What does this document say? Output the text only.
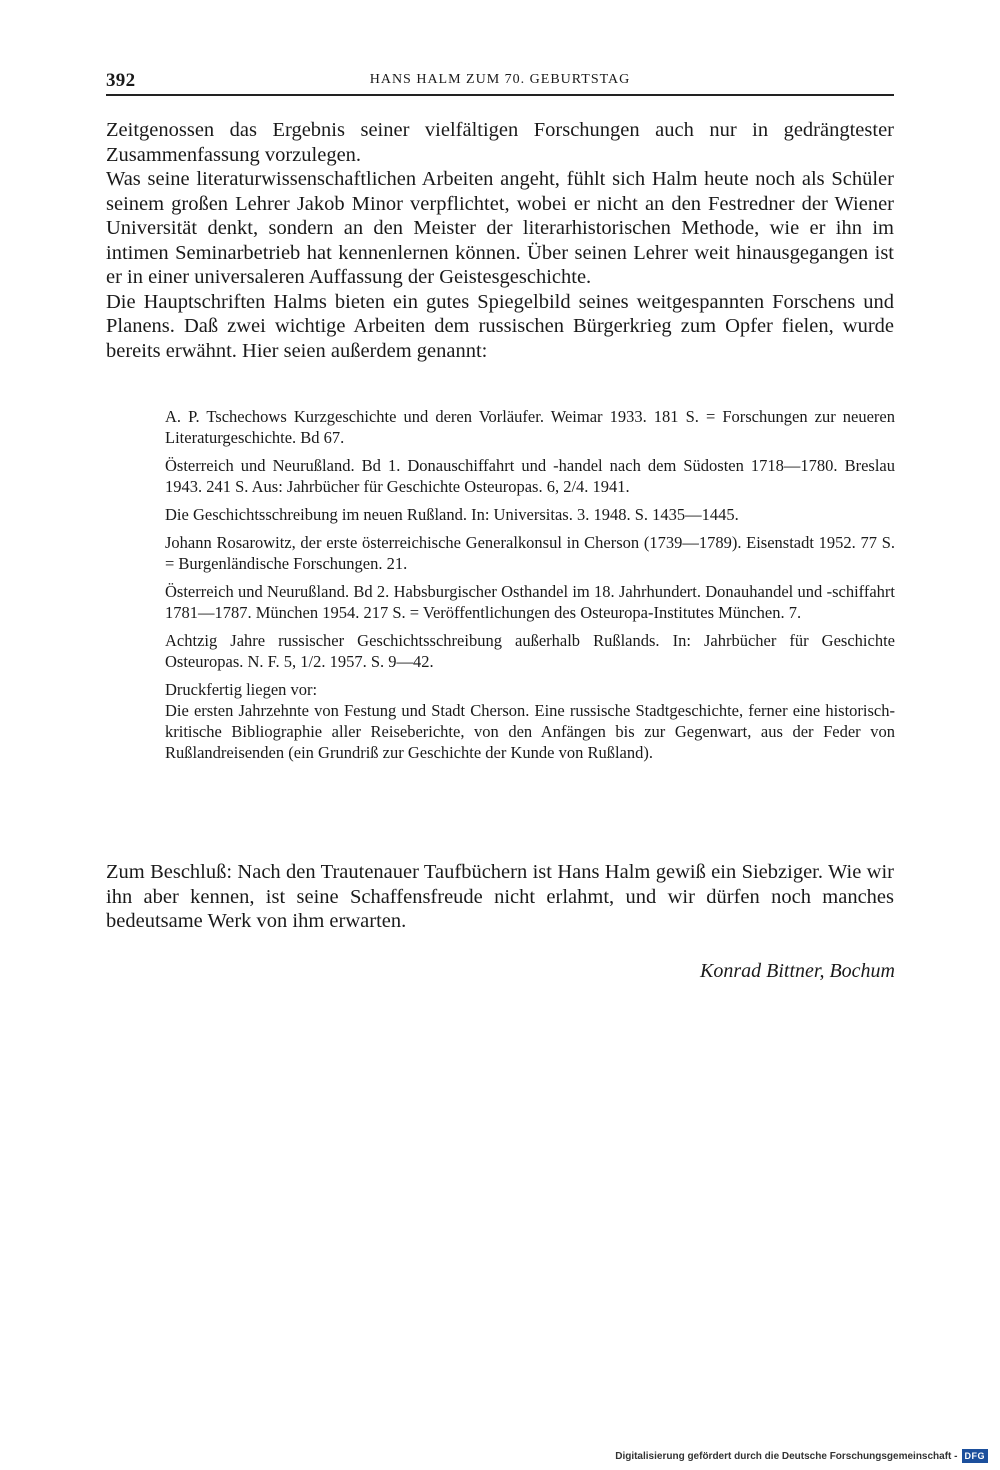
392	HANS HALM ZUM 70. GEBURTSTAG

Zeitgenossen das Ergebnis seiner vielfältigen Forschungen auch nur in gedrängtester Zusammenfassung vorzulegen.

Was seine literaturwissenschaftlichen Arbeiten angeht, fühlt sich Halm heute noch als Schüler seinem großen Lehrer Jakob Minor verpflichtet, wobei er nicht an den Festredner der Wiener Universität denkt, sondern an den Meister der literarhistorischen Methode, wie er ihn im intimen Seminarbetrieb hat kennenlernen können. Über seinen Lehrer weit hinausgegangen ist er in einer universaleren Auffassung der Geistesgeschichte.

Die Hauptschriften Halms bieten ein gutes Spiegelbild seines weitgespannten Forschens und Planens. Daß zwei wichtige Arbeiten dem russischen Bürgerkrieg zum Opfer fielen, wurde bereits erwähnt. Hier seien außerdem genannt:

A. P. Tschechows Kurzgeschichte und deren Vorläufer. Weimar 1933. 181 S. = Forschungen zur neueren Literaturgeschichte. Bd 67.

Österreich und Neurußland. Bd 1. Donauschiffahrt und -handel nach dem Südosten 1718—1780. Breslau 1943. 241 S. Aus: Jahrbücher für Geschichte Osteuropas. 6, 2/4. 1941.

Die Geschichtsschreibung im neuen Rußland. In: Universitas. 3. 1948. S. 1435—1445.

Johann Rosarowitz, der erste österreichische Generalkonsul in Cherson (1739—1789). Eisenstadt 1952. 77 S. = Burgenländische Forschungen. 21.

Österreich und Neurußland. Bd 2. Habsburgischer Osthandel im 18. Jahrhundert. Donauhandel und -schiffahrt 1781—1787. München 1954. 217 S. = Veröffentlichungen des Osteuropa-Institutes München. 7.

Achtzig Jahre russischer Geschichtsschreibung außerhalb Rußlands. In: Jahrbücher für Geschichte Osteuropas. N. F. 5, 1/2. 1957. S. 9—42.

Druckfertig liegen vor:

Die ersten Jahrzehnte von Festung und Stadt Cherson. Eine russische Stadtgeschichte, ferner eine historisch-kritische Bibliographie aller Reiseberichte, von den Anfängen bis zur Gegenwart, aus der Feder von Rußlandreisenden (ein Grundriß zur Geschichte der Kunde von Rußland).

Zum Beschluß: Nach den Trautenauer Taufbüchern ist Hans Halm gewiß ein Siebziger. Wie wir ihn aber kennen, ist seine Schaffensfreude nicht erlahmt, und wir dürfen noch manches bedeutsame Werk von ihm erwarten.

Konrad Bittner, Bochum
Digitalisierung gefördert durch die Deutsche Forschungsgemeinschaft - DFG
